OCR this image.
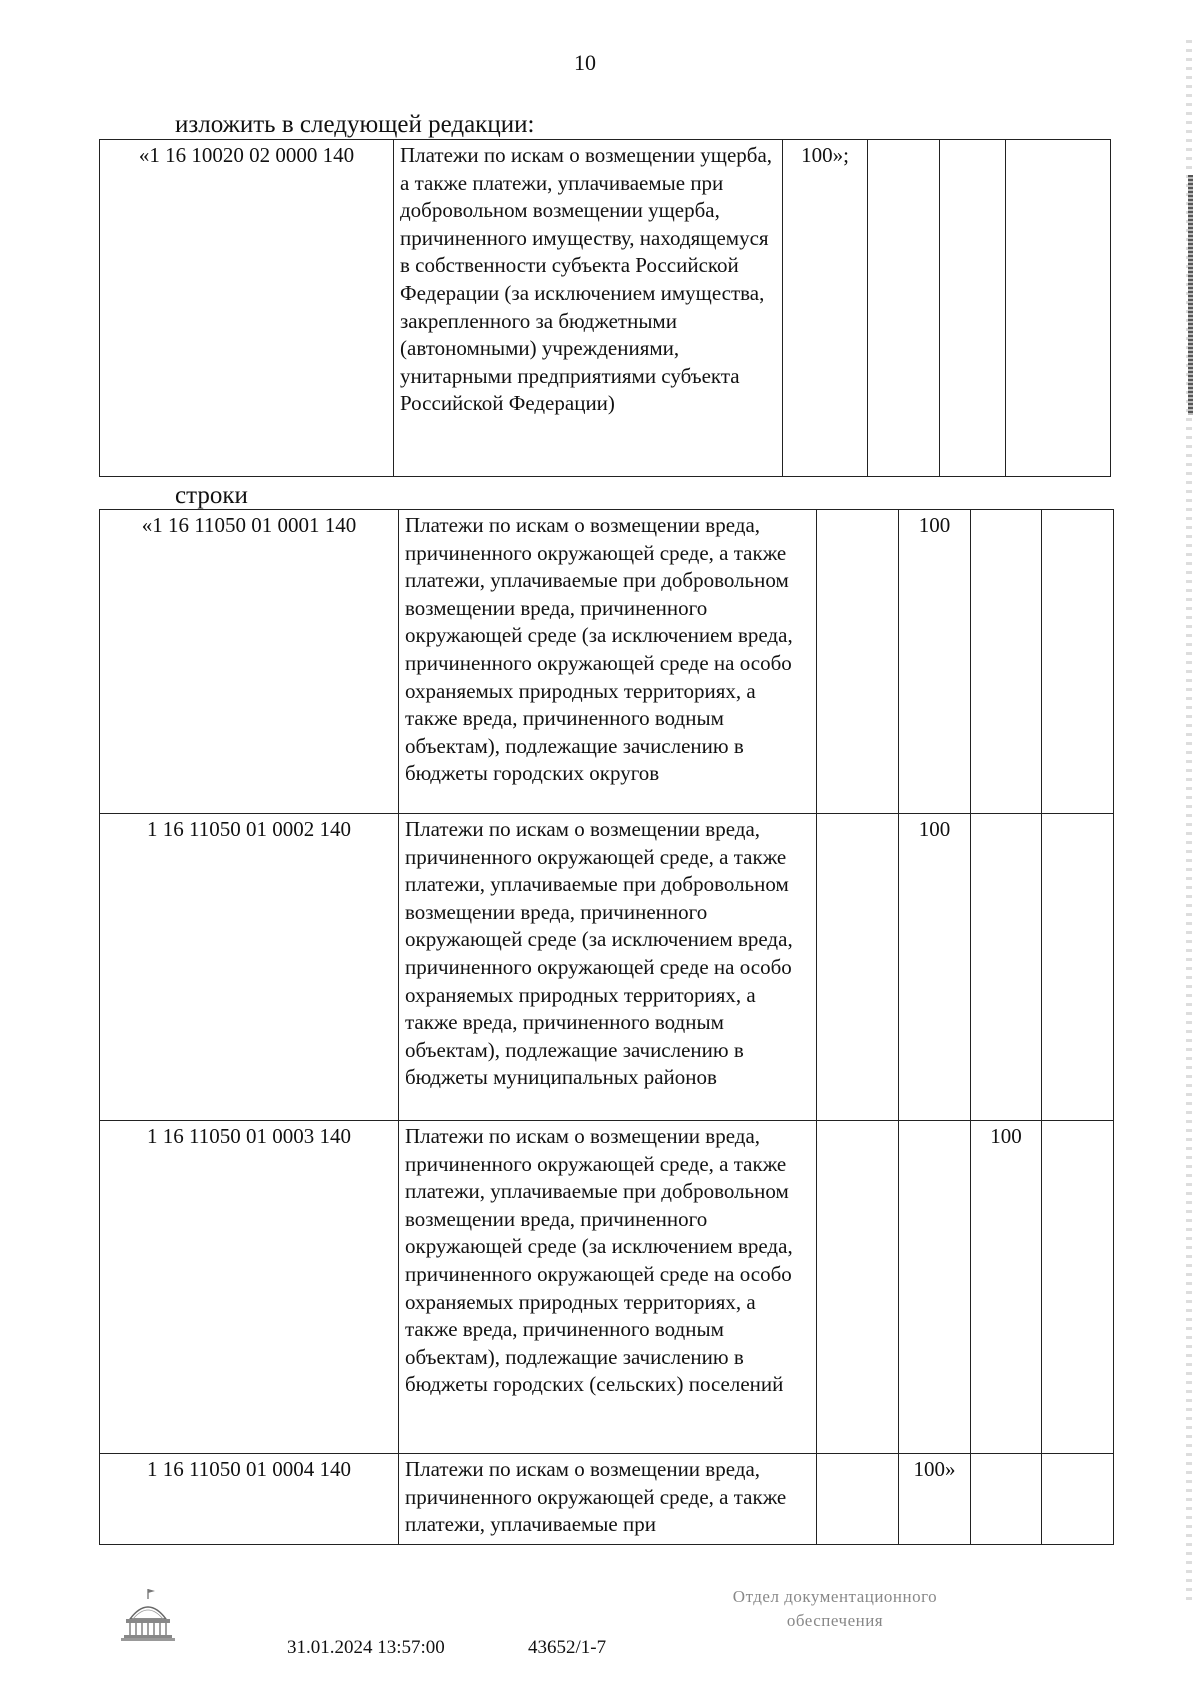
10
изложить в следующей редакции:
«1 16 10020 02 0000 140	Платежи по искам о возмещении ущерба, а также платежи, уплачиваемые при добровольном возмещении ущерба, причиненного имуществу, находящемуся в собственности субъекта Российской Федерации (за исключением имущества, закрепленного за бюджетными (автономными) учреждениями, унитарными предприятиями субъекта Российской Федерации)	100»;			
строки
«1 16 11050 01 0001 140	Платежи по искам о возмещении вреда, причиненного окружающей среде, а также платежи, уплачиваемые при добровольном возмещении вреда, причиненного окружающей среде (за исключением вреда, причиненного окружающей среде на особо охраняемых природных территориях, а также вреда, причиненного водным объектам), подлежащие зачислению в бюджеты городских округов		100		
1 16 11050 01 0002 140	Платежи по искам о возмещении вреда, причиненного окружающей среде, а также платежи, уплачиваемые при добровольном возмещении вреда, причиненного окружающей среде (за исключением вреда, причиненного окружающей среде на особо охраняемых природных территориях, а также вреда, причиненного водным объектам), подлежащие зачислению в бюджеты муниципальных районов		100		
1 16 11050 01 0003 140	Платежи по искам о возмещении вреда, причиненного окружающей среде, а также платежи, уплачиваемые при добровольном возмещении вреда, причиненного окружающей среде (за исключением вреда, причиненного окружающей среде на особо охраняемых природных территориях, а также вреда, причиненного водным объектам), подлежащие зачислению в бюджеты городских (сельских) поселений			100	
1 16 11050 01 0004 140	Платежи по искам о возмещении вреда, причиненного окружающей среде, а также платежи, уплачиваемые при		100»		
31.01.2024 13:57:00	43652/1-7
Отдел документационного
обеспечения
